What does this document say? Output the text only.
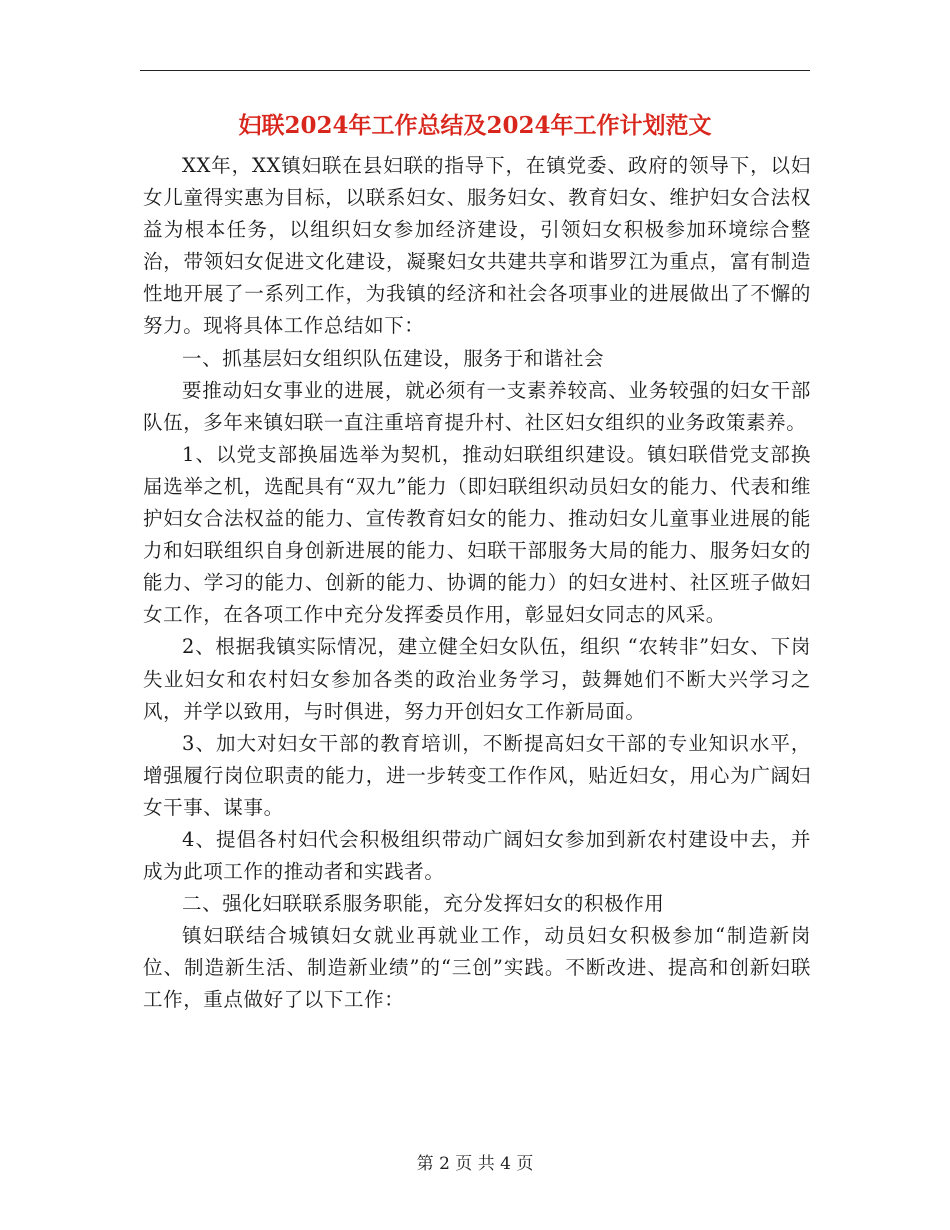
妇联2024年工作总结及2024年工作计划范文

XX年，XX镇妇联在县妇联的指导下，在镇党委、政府的领导下，以妇女儿童得实惠为目标，以联系妇女、服务妇女、教育妇女、维护妇女合法权益为根本任务，以组织妇女参加经济建设，引领妇女积极参加环境综合整治，带领妇女促进文化建设，凝聚妇女共建共享和谐罗江为重点，富有制造性地开展了一系列工作，为我镇的经济和社会各项事业的进展做出了不懈的努力。现将具体工作总结如下：

一、抓基层妇女组织队伍建设，服务于和谐社会

要推动妇女事业的进展，就必须有一支素养较高、业务较强的妇女干部队伍，多年来镇妇联一直注重培育提升村、社区妇女组织的业务政策素养。

1、以党支部换届选举为契机，推动妇联组织建设。镇妇联借党支部换届选举之机，选配具有“双九”能力（即妇联组织动员妇女的能力、代表和维护妇女合法权益的能力、宣传教育妇女的能力、推动妇女儿童事业进展的能力和妇联组织自身创新进展的能力、妇联干部服务大局的能力、服务妇女的能力、学习的能力、创新的能力、协调的能力）的妇女进村、社区班子做妇女工作，在各项工作中充分发挥委员作用，彰显妇女同志的风采。

2、根据我镇实际情况，建立健全妇女队伍，组织 “农转非”妇女、下岗失业妇女和农村妇女参加各类的政治业务学习，鼓舞她们不断大兴学习之风，并学以致用，与时俱进，努力开创妇女工作新局面。

3、加大对妇女干部的教育培训，不断提高妇女干部的专业知识水平，增强履行岗位职责的能力，进一步转变工作作风，贴近妇女，用心为广阔妇女干事、谋事。

4、提倡各村妇代会积极组织带动广阔妇女参加到新农村建设中去，并成为此项工作的推动者和实践者。

二、强化妇联联系服务职能，充分发挥妇女的积极作用

镇妇联结合城镇妇女就业再就业工作，动员妇女积极参加“制造新岗位、制造新生活、制造新业绩”的“三创”实践。不断改进、提高和创新妇联工作，重点做好了以下工作：

第 2 页 共 4 页
